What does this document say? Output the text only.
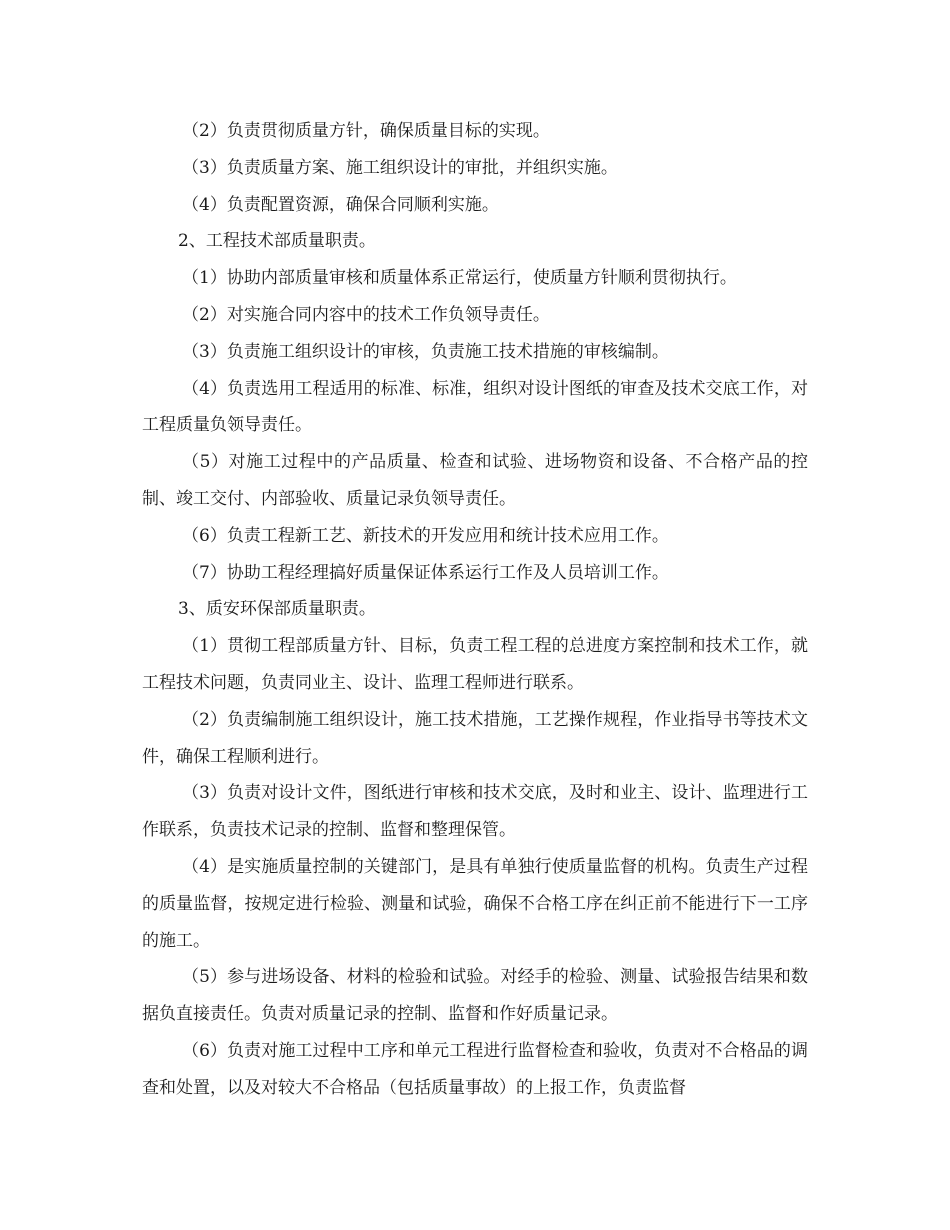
（2）负责贯彻质量方针，确保质量目标的实现。

（3）负责质量方案、施工组织设计的审批，并组织实施。

（4）负责配置资源，确保合同顺利实施。

2、工程技术部质量职责。

（1）协助内部质量审核和质量体系正常运行，使质量方针顺利贯彻执行。

（2）对实施合同内容中的技术工作负领导责任。

（3）负责施工组织设计的审核，负责施工技术措施的审核编制。

（4）负责选用工程适用的标准、标准，组织对设计图纸的审查及技术交底工作，对工程质量负领导责任。

（5）对施工过程中的产品质量、检查和试验、进场物资和设备、不合格产品的控制、竣工交付、内部验收、质量记录负领导责任。

（6）负责工程新工艺、新技术的开发应用和统计技术应用工作。

（7）协助工程经理搞好质量保证体系运行工作及人员培训工作。

3、质安环保部质量职责。

（1）贯彻工程部质量方针、目标，负责工程工程的总进度方案控制和技术工作，就工程技术问题，负责同业主、设计、监理工程师进行联系。

（2）负责编制施工组织设计，施工技术措施，工艺操作规程，作业指导书等技术文件，确保工程顺利进行。

（3）负责对设计文件，图纸进行审核和技术交底，及时和业主、设计、监理进行工作联系，负责技术记录的控制、监督和整理保管。

（4）是实施质量控制的关键部门，是具有单独行使质量监督的机构。负责生产过程的质量监督，按规定进行检验、测量和试验，确保不合格工序在纠正前不能进行下一工序的施工。

（5）参与进场设备、材料的检验和试验。对经手的检验、测量、试验报告结果和数据负直接责任。负责对质量记录的控制、监督和作好质量记录。

（6）负责对施工过程中工序和单元工程进行监督检查和验收，负责对不合格品的调查和处置，以及对较大不合格品（包括质量事故）的上报工作，负责监督
